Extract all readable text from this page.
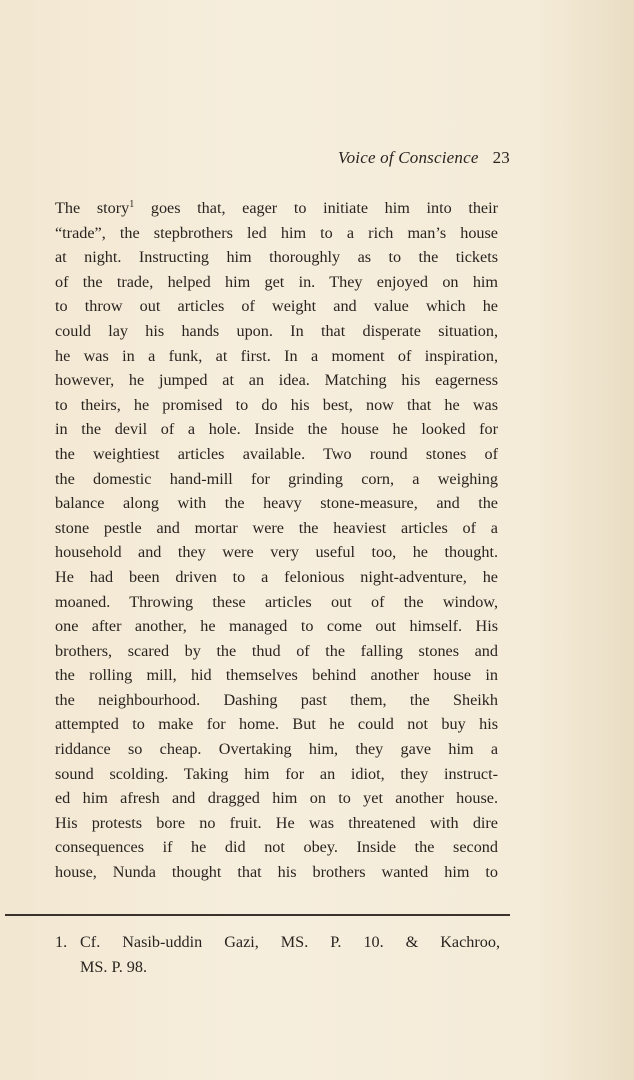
Voice of Conscience 23
The story$^1$ goes that, eager to initiate him into their
“trade”, the stepbrothers led him to a rich man’s house
at night. Instructing him thoroughly as to the tickets
of the trade, helped him get in. They enjoyed on him
to throw out articles of weight and value which he
could lay his hands upon. In that disperate situation,
he was in a funk, at first. In a moment of inspiration,
however, he jumped at an idea. Matching his eagerness
to theirs, he promised to do his best, now that he was
in the devil of a hole. Inside the house he looked for
the weightiest articles available. Two round stones of
the domestic hand-mill for grinding corn, a weighing
balance along with the heavy stone-measure, and the
stone pestle and mortar were the heaviest articles of a
household and they were very useful too, he thought.
He had been driven to a felonious night-adventure, he
moaned. Throwing these articles out of the window,
one after another, he managed to come out himself. His
brothers, scared by the thud of the falling stones and
the rolling mill, hid themselves behind another house in
the neighbourhood. Dashing past them, the Sheikh
attempted to make for home. But he could not buy his
riddance so cheap. Overtaking him, they gave him a
sound scolding. Taking him for an idiot, they instruct-
ed him afresh and dragged him on to yet another house.
His protests bore no fruit. He was threatened with dire
consequences if he did not obey. Inside the second
house, Nunda thought that his brothers wanted him to
1. Cf. Nasib-uddin Gazi, MS. P. 10. & Kachroo,
MS. P. 98.
